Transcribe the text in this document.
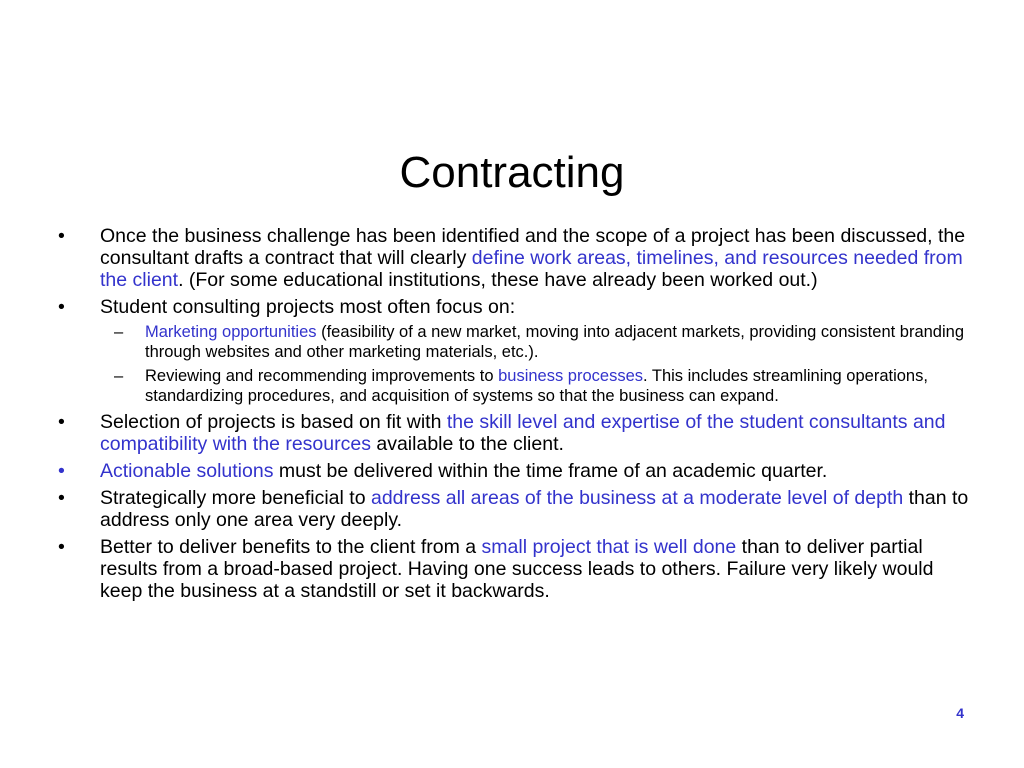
Contracting
•	Once the business challenge has been identified and the scope of a project has been discussed, the consultant drafts a contract that will clearly define work areas, timelines, and resources needed from the client. (For some educational institutions, these have already been worked out.)
•	Student consulting projects most often focus on:
–	Marketing opportunities (feasibility of a new market, moving into adjacent markets, providing consistent branding through websites and other marketing materials, etc.).
–	Reviewing and recommending improvements to business processes. This includes streamlining operations, standardizing procedures, and acquisition of systems so that the business can expand.
•	Selection of projects is based on fit with the skill level and expertise of the student consultants and compatibility with the resources available to the client.
•	Actionable solutions must be delivered within the time frame of an academic quarter.
•	Strategically more beneficial to address all areas of the business at a moderate level of depth than to address only one area very deeply.
•	Better to deliver benefits to the client from a small project that is well done than to deliver partial results from a broad-based project. Having one success leads to others. Failure very likely would keep the business at a standstill or set it backwards.
4
